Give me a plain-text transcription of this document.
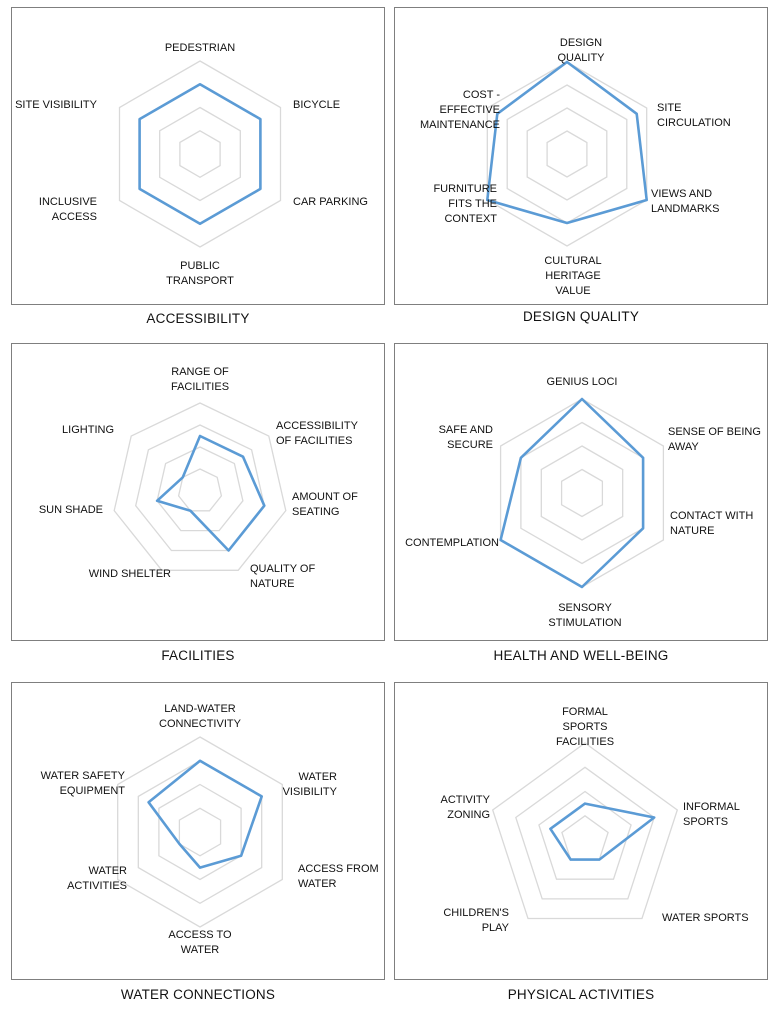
PEDESTRIAN
BICYCLE
CAR PARKING
PUBLIC TRANSPORT
INCLUSIVE ACCESS
SITE VISIBILITY
ACCESSIBILITY
DESIGN QUALITY
SITE CIRCULATION
VIEWS AND LANDMARKS
CULTURAL HERITAGE VALUE
FURNITURE FITS THE CONTEXT
COST -EFFECTIVE MAINTENANCE
DESIGN QUALITY
RANGE OF FACILITIES
ACCESSIBILITY OF FACILITIES
AMOUNT OF SEATING
QUALITY OF NATURE
WIND SHELTER
SUN SHADE
LIGHTING
FACILITIES
GENIUS LOCI
SENSE OF BEING AWAY
CONTACT WITH NATURE
SENSORY STIMULATION
CONTEMPLATION
SAFE AND SECURE
HEALTH AND WELL-BEING
LAND-WATER CONNECTIVITY
WATER VISIBILITY
ACCESS FROM WATER
ACCESS TO WATER
WATER ACTIVITIES
WATER SAFETY EQUIPMENT
WATER CONNECTIONS
FORMAL SPORTS FACILITIES
INFORMAL SPORTS
WATER SPORTS
CHILDREN'S PLAY
ACTIVITY ZONING
PHYSICAL ACTIVITIES
